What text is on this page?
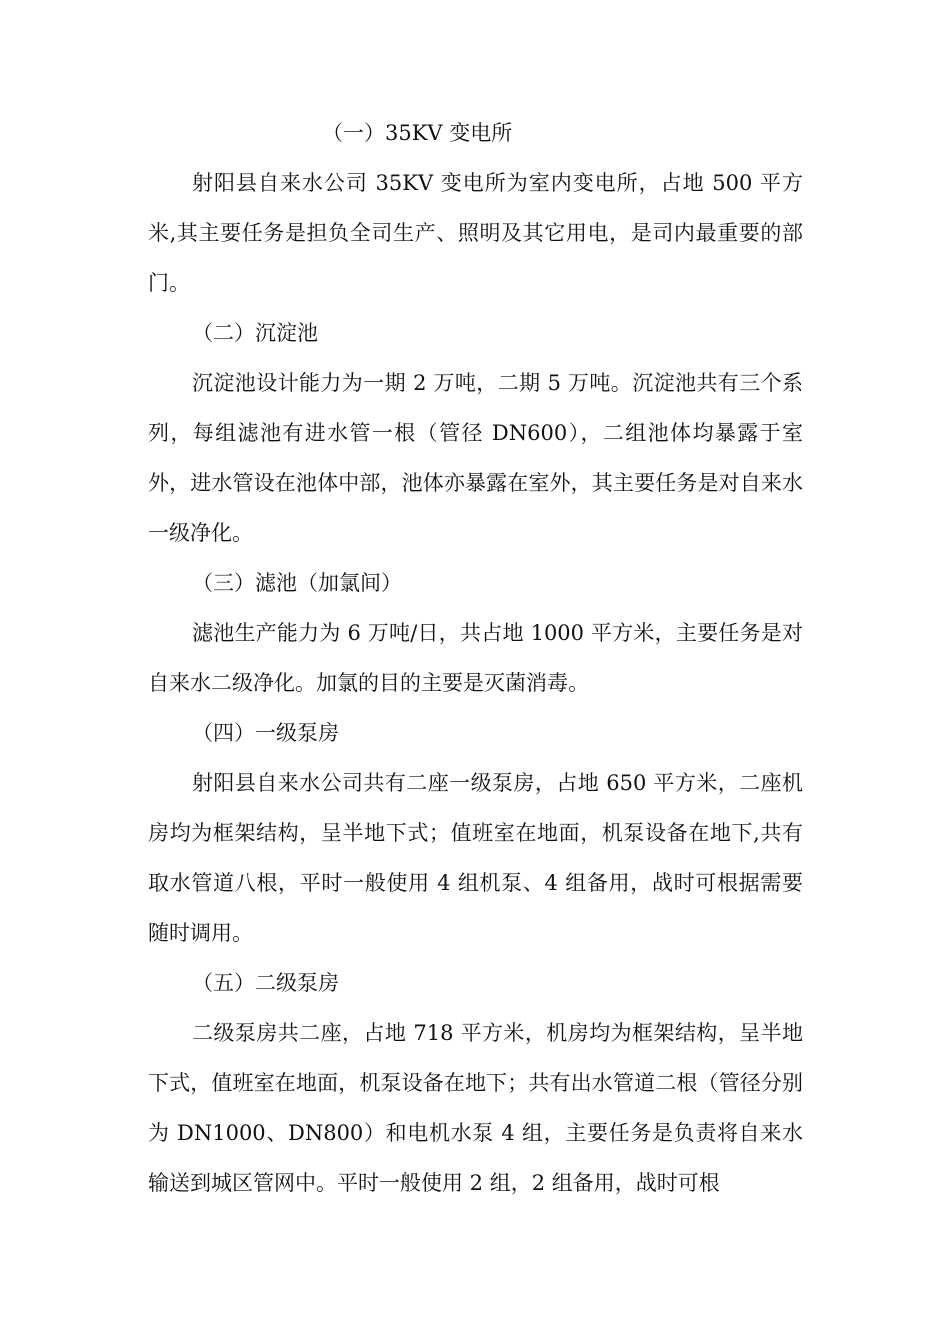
（一）35KV 变电所

射阳县自来水公司 35KV 变电所为室内变电所，占地 500 平方米,其主要任务是担负全司生产、照明及其它用电，是司内最重要的部门。

（二）沉淀池

沉淀池设计能力为一期 2 万吨，二期 5 万吨。沉淀池共有三个系列，每组滤池有进水管一根（管径 DN600），二组池体均暴露于室外，进水管设在池体中部，池体亦暴露在室外，其主要任务是对自来水一级净化。

（三）滤池（加氯间）

滤池生产能力为 6 万吨/日，共占地 1000 平方米，主要任务是对自来水二级净化。加氯的目的主要是灭菌消毒。

（四）一级泵房

射阳县自来水公司共有二座一级泵房，占地 650 平方米，二座机房均为框架结构，呈半地下式；值班室在地面，机泵设备在地下,共有取水管道八根，平时一般使用 4 组机泵、4 组备用，战时可根据需要随时调用。

（五）二级泵房

二级泵房共二座，占地 718 平方米，机房均为框架结构，呈半地下式，值班室在地面，机泵设备在地下；共有出水管道二根（管径分别为 DN1000、DN800）和电机水泵 4 组，主要任务是负责将自来水输送到城区管网中。平时一般使用 2 组，2 组备用，战时可根
